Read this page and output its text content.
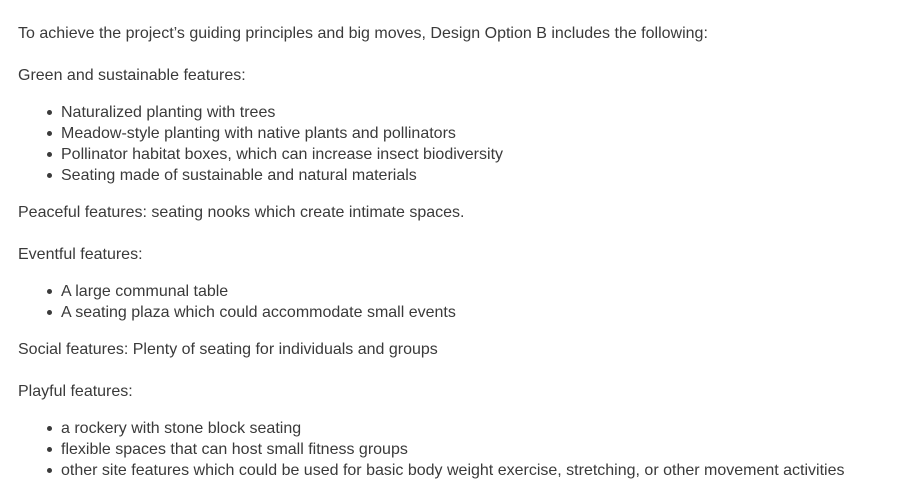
To achieve the project’s guiding principles and big moves, Design Option B includes the following:

Green and sustainable features:

Naturalized planting with trees
Meadow-style planting with native plants and pollinators
Pollinator habitat boxes, which can increase insect biodiversity
Seating made of sustainable and natural materials

Peaceful features: seating nooks which create intimate spaces.

Eventful features:

A large communal table
A seating plaza which could accommodate small events

Social features: Plenty of seating for individuals and groups

Playful features:

a rockery with stone block seating
flexible spaces that can host small fitness groups
other site features which could be used for basic body weight exercise, stretching, or other movement activities
